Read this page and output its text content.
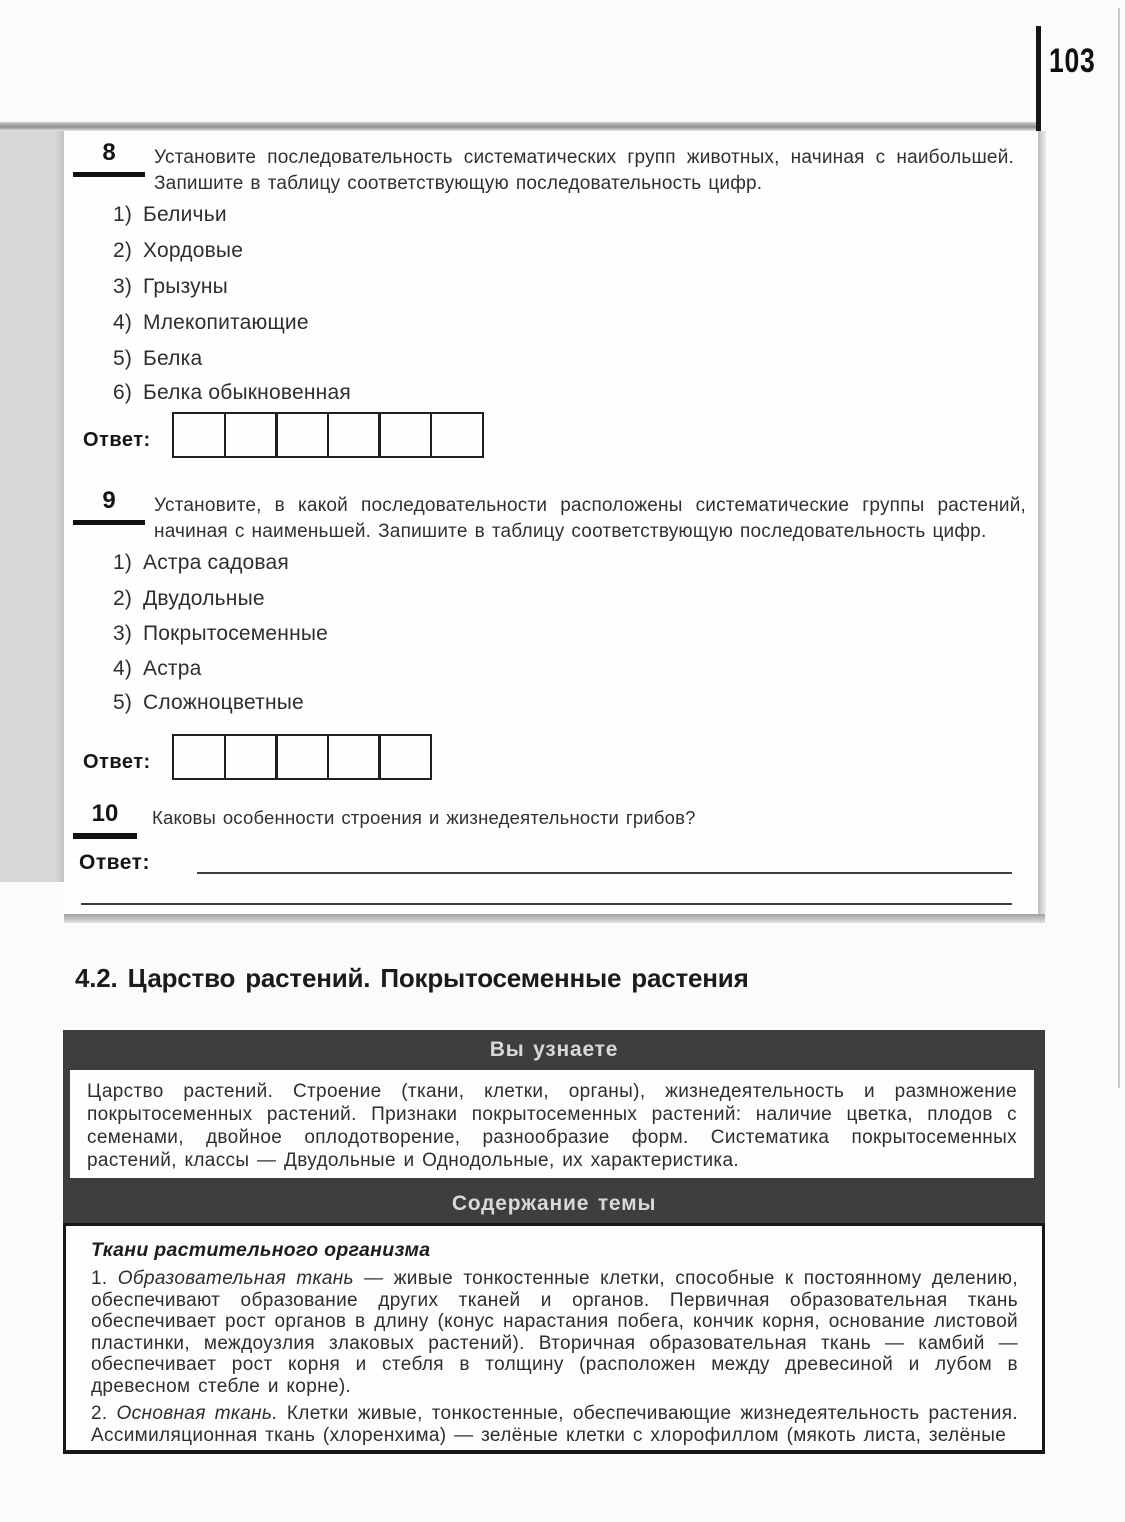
103
8	Установите последовательность систематических групп животных, начиная с наибольшей. Запишите в таблицу соответствующую последовательность цифр.
1) Беличьи
2) Хордовые
3) Грызуны
4) Млекопитающие
5) Белка
6) Белка обыкновенная
Ответ:
9	Установите, в какой последовательности расположены систематические группы растений, начиная с наименьшей. Запишите в таблицу соответствующую последовательность цифр.
1) Астра садовая
2) Двудольные
3) Покрытосеменные
4) Астра
5) Сложноцветные
Ответ:
10	Каковы особенности строения и жизнедеятельности грибов?
Ответ:
4.2. Царство растений. Покрытосеменные растения
Вы узнаете

Царство растений. Строение (ткани, клетки, органы), жизнедеятельность и размножение покрытосеменных растений. Признаки покрытосеменных растений: наличие цветка, плодов с семенами, двойное оплодотворение, разнообразие форм. Систематика покрытосеменных растений, классы — Двудольные и Однодольные, их характеристика.

Содержание темы
Ткани растительного организма

1. Образовательная ткань — живые тонкостенные клетки, способные к постоянному делению, обеспечивают образование других тканей и органов. Первичная образовательная ткань обеспечивает рост органов в длину (конус нарастания побега, кончик корня, основание листовой пластинки, междоузлия злаковых растений). Вторичная образовательная ткань — камбий — обеспечивает рост корня и стебля в толщину (расположен между древесиной и лубом в древесном стебле и корне).

2. Основная ткань. Клетки живые, тонкостенные, обеспечивающие жизнедеятельность растения. Ассимиляционная ткань (хлоренхима) — зелёные клетки с хлорофиллом (мякоть листа, зелёные
